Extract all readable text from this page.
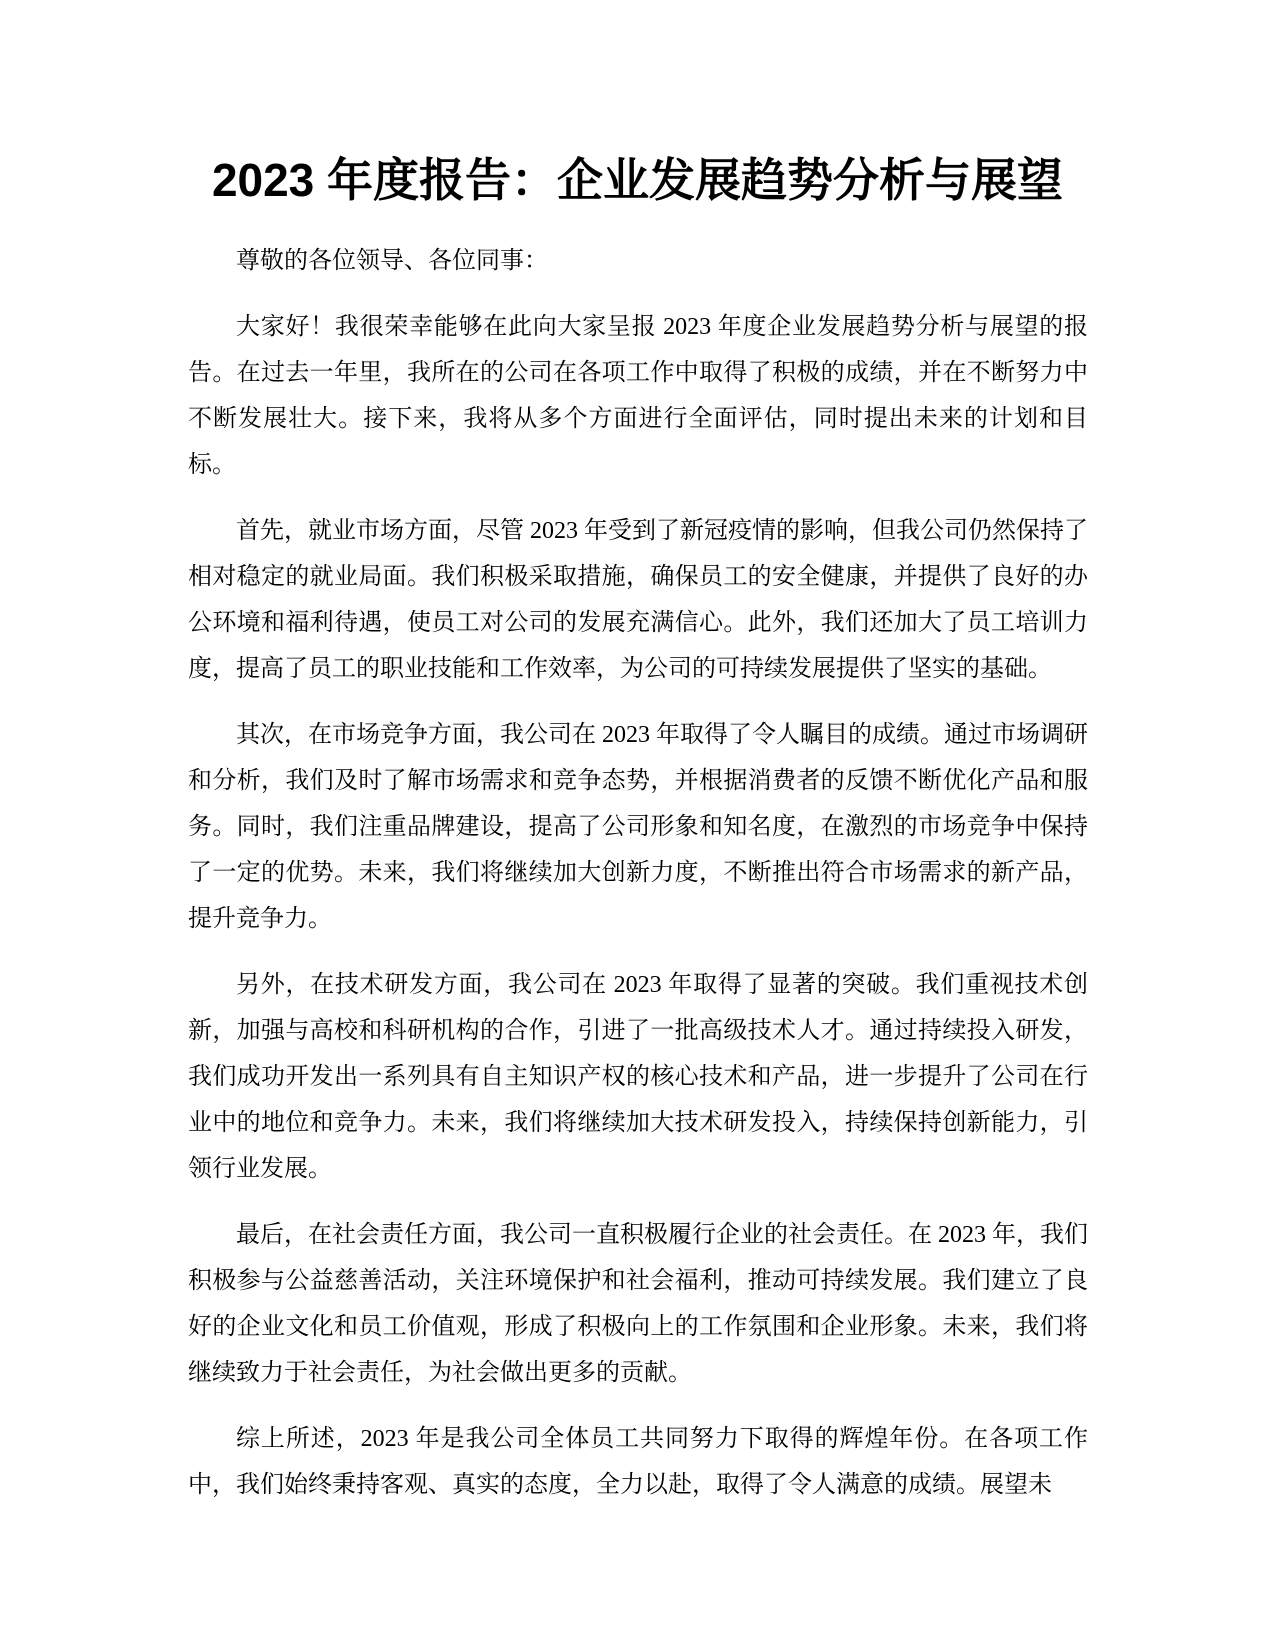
2023 年度报告：企业发展趋势分析与展望

尊敬的各位领导、各位同事：

大家好！我很荣幸能够在此向大家呈报 2023 年度企业发展趋势分析与展望的报告。在过去一年里，我所在的公司在各项工作中取得了积极的成绩，并在不断努力中不断发展壮大。接下来，我将从多个方面进行全面评估，同时提出未来的计划和目标。

首先，就业市场方面，尽管 2023 年受到了新冠疫情的影响，但我公司仍然保持了相对稳定的就业局面。我们积极采取措施，确保员工的安全健康，并提供了良好的办公环境和福利待遇，使员工对公司的发展充满信心。此外，我们还加大了员工培训力度，提高了员工的职业技能和工作效率，为公司的可持续发展提供了坚实的基础。

其次，在市场竞争方面，我公司在 2023 年取得了令人瞩目的成绩。通过市场调研和分析，我们及时了解市场需求和竞争态势，并根据消费者的反馈不断优化产品和服务。同时，我们注重品牌建设，提高了公司形象和知名度，在激烈的市场竞争中保持了一定的优势。未来，我们将继续加大创新力度，不断推出符合市场需求的新产品，提升竞争力。

另外，在技术研发方面，我公司在 2023 年取得了显著的突破。我们重视技术创新，加强与高校和科研机构的合作，引进了一批高级技术人才。通过持续投入研发，我们成功开发出一系列具有自主知识产权的核心技术和产品，进一步提升了公司在行业中的地位和竞争力。未来，我们将继续加大技术研发投入，持续保持创新能力，引领行业发展。

最后，在社会责任方面，我公司一直积极履行企业的社会责任。在 2023 年，我们积极参与公益慈善活动，关注环境保护和社会福利，推动可持续发展。我们建立了良好的企业文化和员工价值观，形成了积极向上的工作氛围和企业形象。未来，我们将继续致力于社会责任，为社会做出更多的贡献。

综上所述，2023 年是我公司全体员工共同努力下取得的辉煌年份。在各项工作中，我们始终秉持客观、真实的态度，全力以赴，取得了令人满意的成绩。展望未
